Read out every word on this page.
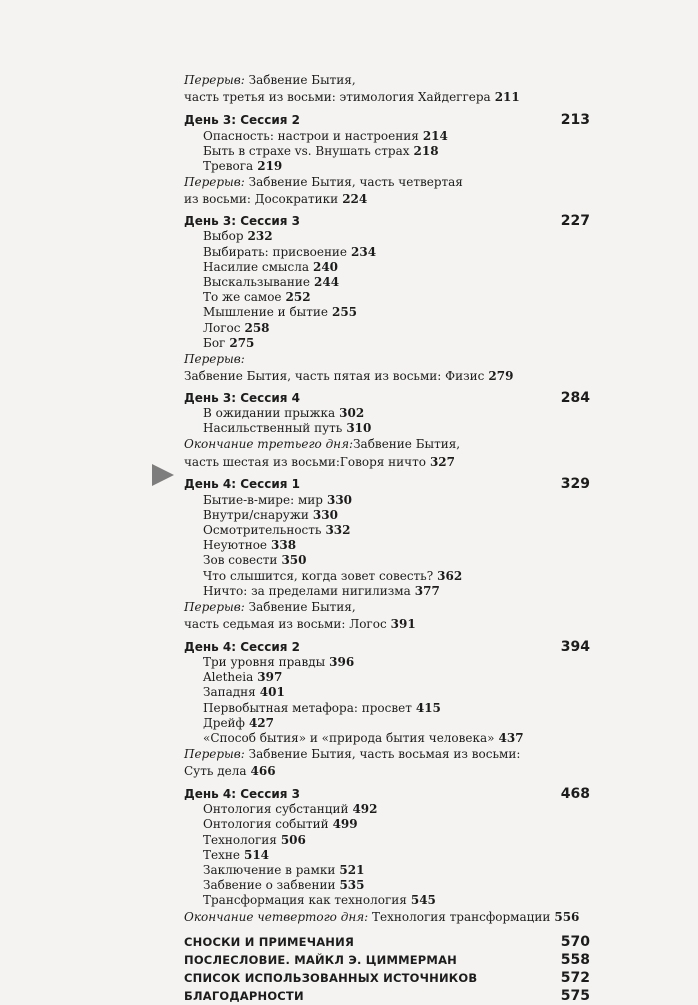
Перерыв: Забвение Бытия,
часть третья из восьми: этимология Хайдеггера 211
День 3: Сессия 2	213
Опасность: настрои и настроения 214
Быть в страхе vs. Внушать страх 218
Тревога 219
Перерыв: Забвение Бытия, часть четвертая
из восьми: Досократики 224
День 3: Сессия 3	227
Выбор 232
Выбирать: присвоение 234
Насилие смысла 240
Выскальзывание 244
То же самое 252
Мышление и бытие 255
Логос 258
Бог 275
Перерыв:
Забвение Бытия, часть пятая из восьми: Физис 279
День 3: Сессия 4	284
В ожидании прыжка 302
Насильственный путь 310
Окончание третьего дня:Забвение Бытия,
часть шестая из восьми:Говоря ничто 327
День 4: Сессия 1	329
Бытие-в-мире: мир 330
Внутри/снаружи 330
Осмотрительность 332
Неуютное 338
Зов совести 350
Что слышится, когда зовет совесть? 362
Ничто: за пределами нигилизма 377
Перерыв: Забвение Бытия,
часть седьмая из восьми: Логос 391
День 4: Сессия 2	394
Три уровня правды 396
Aletheia 397
Западня 401
Первобытная метафора: просвет 415
Дрейф 427
«Способ бытия» и «природа бытия человека» 437
Перерыв: Забвение Бытия, часть восьмая из восьми:
Суть дела 466
День 4: Сессия 3	468
Онтология субстанций 492
Онтология событий 499
Технология 506
Техне 514
Заключение в рамки 521
Забвение о забвении 535
Трансформация как технология 545
Окончание четвертого дня: Технология трансформации 556
СНОСКИ И ПРИМЕЧАНИЯ	570
ПОСЛЕСЛОВИЕ. МАЙКЛ Э. ЦИММЕРМАН	558
СПИСОК ИСПОЛЬЗОВАННЫХ ИСТОЧНИКОВ	572
БЛАГОДАРНОСТИ	575
